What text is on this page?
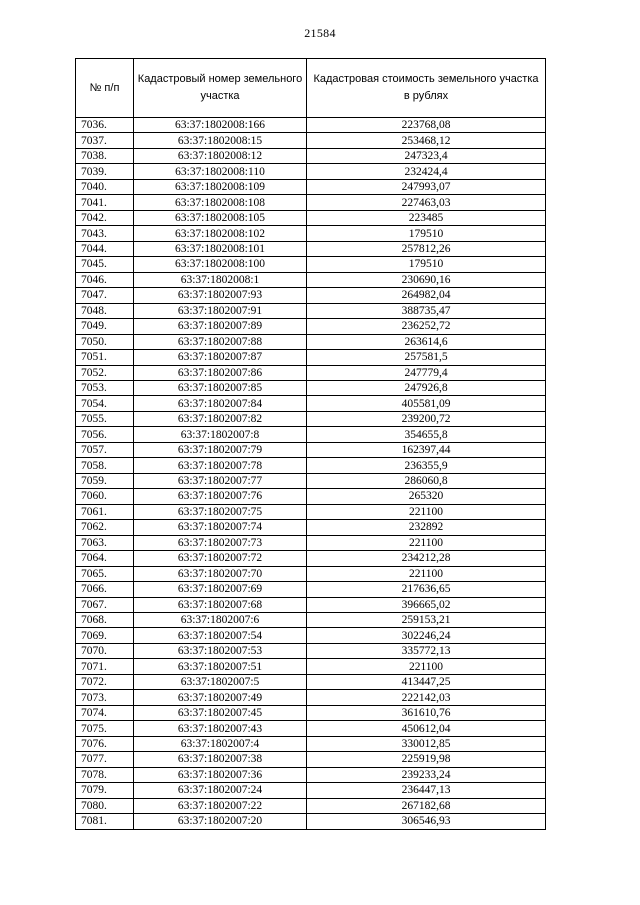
21584
№ п/п	Кадастровый номер земельного участка	Кадастровая стоимость земельного участка в рублях
7036.	63:37:1802008:166	223768,08
7037.	63:37:1802008:15	253468,12
7038.	63:37:1802008:12	247323,4
7039.	63:37:1802008:110	232424,4
7040.	63:37:1802008:109	247993,07
7041.	63:37:1802008:108	227463,03
7042.	63:37:1802008:105	223485
7043.	63:37:1802008:102	179510
7044.	63:37:1802008:101	257812,26
7045.	63:37:1802008:100	179510
7046.	63:37:1802008:1	230690,16
7047.	63:37:1802007:93	264982,04
7048.	63:37:1802007:91	388735,47
7049.	63:37:1802007:89	236252,72
7050.	63:37:1802007:88	263614,6
7051.	63:37:1802007:87	257581,5
7052.	63:37:1802007:86	247779,4
7053.	63:37:1802007:85	247926,8
7054.	63:37:1802007:84	405581,09
7055.	63:37:1802007:82	239200,72
7056.	63:37:1802007:8	354655,8
7057.	63:37:1802007:79	162397,44
7058.	63:37:1802007:78	236355,9
7059.	63:37:1802007:77	286060,8
7060.	63:37:1802007:76	265320
7061.	63:37:1802007:75	221100
7062.	63:37:1802007:74	232892
7063.	63:37:1802007:73	221100
7064.	63:37:1802007:72	234212,28
7065.	63:37:1802007:70	221100
7066.	63:37:1802007:69	217636,65
7067.	63:37:1802007:68	396665,02
7068.	63:37:1802007:6	259153,21
7069.	63:37:1802007:54	302246,24
7070.	63:37:1802007:53	335772,13
7071.	63:37:1802007:51	221100
7072.	63:37:1802007:5	413447,25
7073.	63:37:1802007:49	222142,03
7074.	63:37:1802007:45	361610,76
7075.	63:37:1802007:43	450612,04
7076.	63:37:1802007:4	330012,85
7077.	63:37:1802007:38	225919,98
7078.	63:37:1802007:36	239233,24
7079.	63:37:1802007:24	236447,13
7080.	63:37:1802007:22	267182,68
7081.	63:37:1802007:20	306546,93
